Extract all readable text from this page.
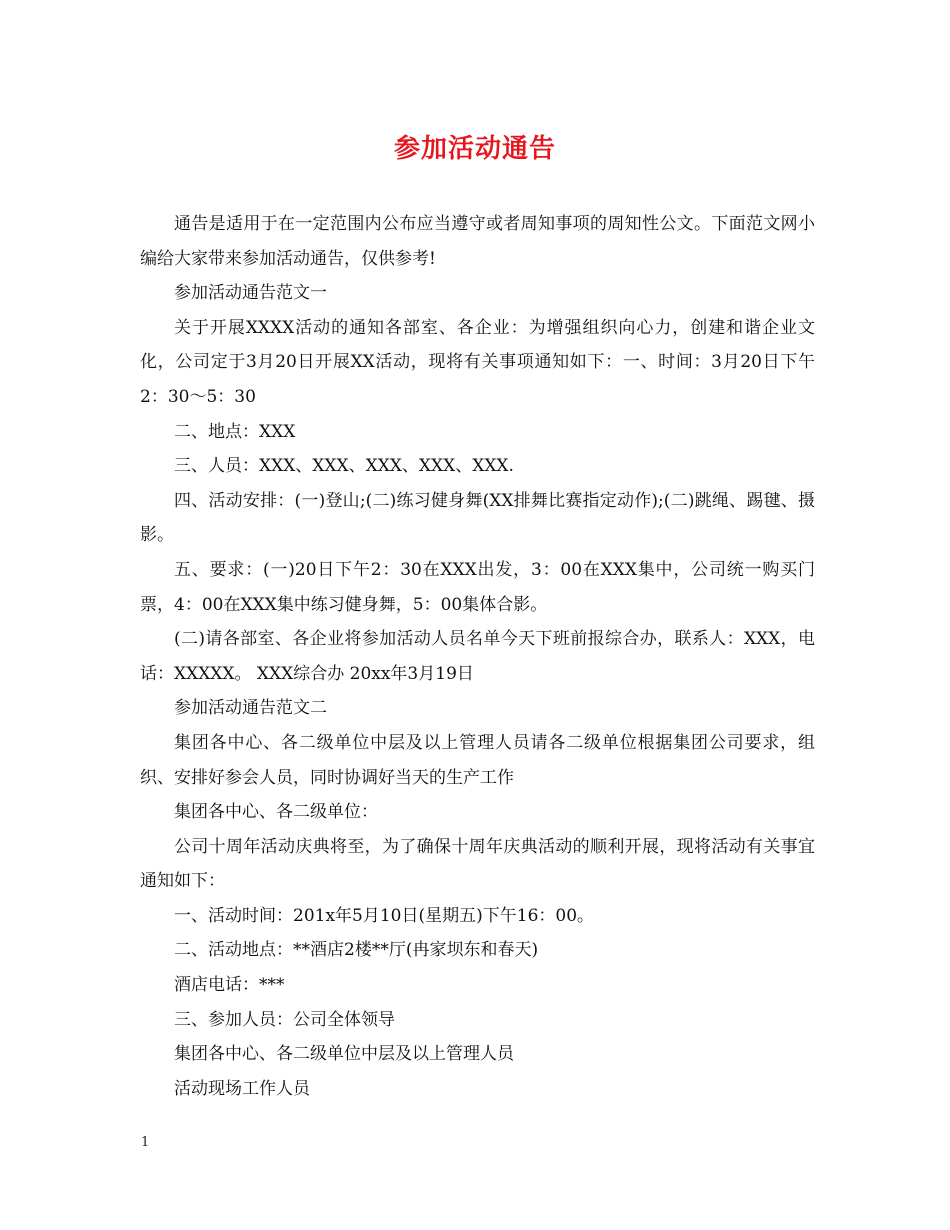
参加活动通告

通告是适用于在一定范围内公布应当遵守或者周知事项的周知性公文。下面范文网小编给大家带来参加活动通告，仅供参考!

参加活动通告范文一

关于开展XXXX活动的通知各部室、各企业：为增强组织向心力，创建和谐企业文化，公司定于3月20日开展XX活动，现将有关事项通知如下：一、时间：3月20日下午2：30～5：30

二、地点：XXX

三、人员：XXX、XXX、XXX、XXX、XXX.

四、活动安排：(一)登山;(二)练习健身舞(XX排舞比赛指定动作);(二)跳绳、踢毽、摄影。

五、要求：(一)20日下午2：30在XXX出发，3：00在XXX集中，公司统一购买门票，4：00在XXX集中练习健身舞，5：00集体合影。

(二)请各部室、各企业将参加活动人员名单今天下班前报综合办，联系人：XXX，电话：XXXXX。 XXX综合办 20xx年3月19日

参加活动通告范文二

集团各中心、各二级单位中层及以上管理人员请各二级单位根据集团公司要求，组织、安排好参会人员，同时协调好当天的生产工作

集团各中心、各二级单位：

公司十周年活动庆典将至，为了确保十周年庆典活动的顺利开展，现将活动有关事宜通知如下：

一、活动时间：201x年5月10日(星期五)下午16：00。

二、活动地点：**酒店2楼**厅(冉家坝东和春天)

酒店电话：***

三、参加人员：公司全体领导

集团各中心、各二级单位中层及以上管理人员

活动现场工作人员

1
